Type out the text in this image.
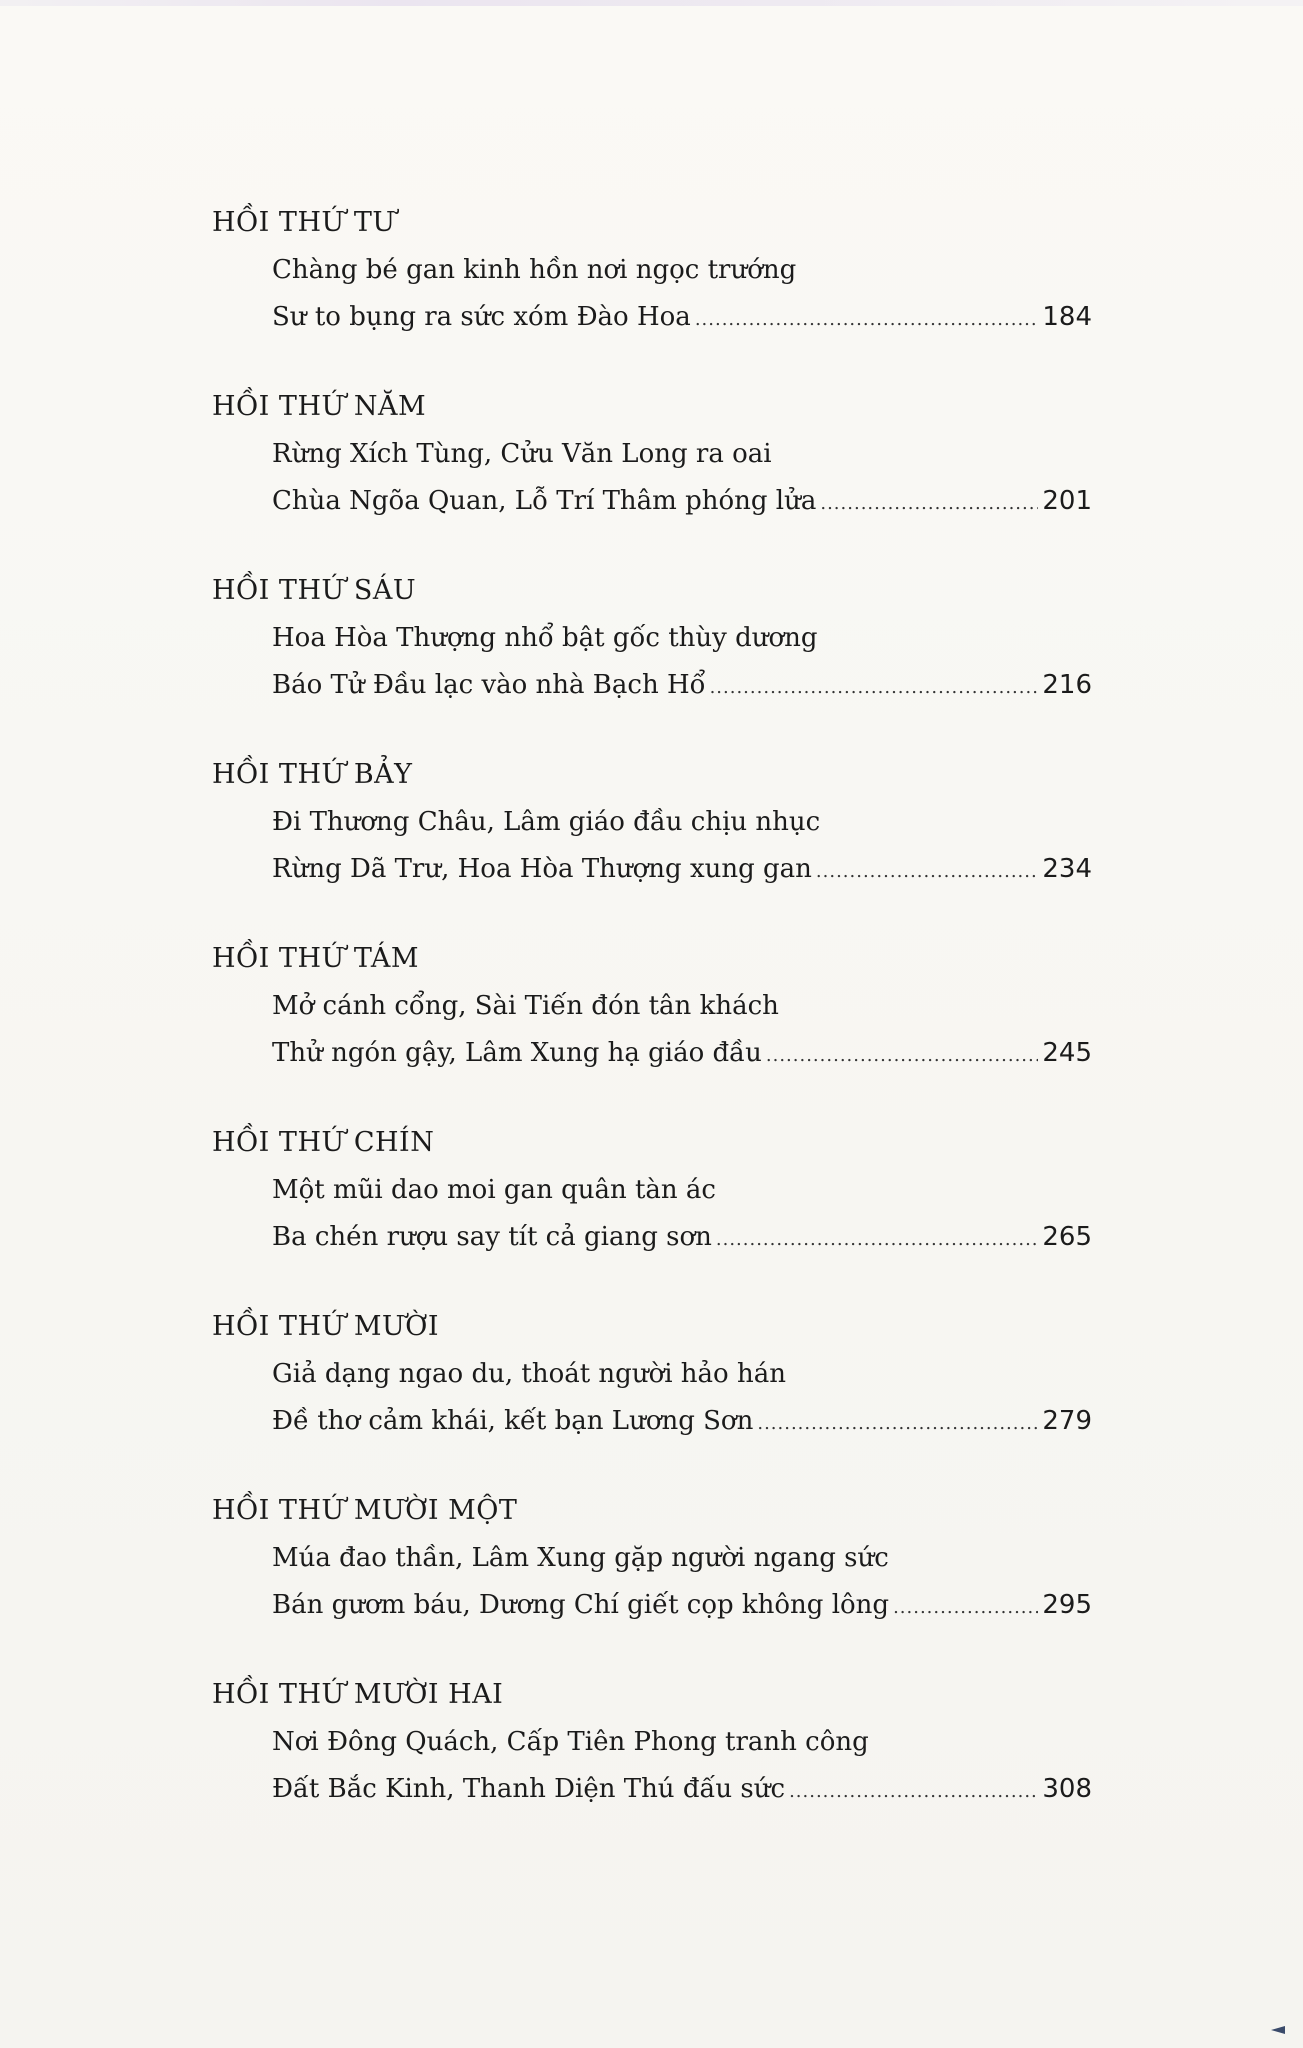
HỒI THỨ TƯ
Chàng bé gan kinh hồn nơi ngọc trướng
Sư to bụng ra sức xóm Đào Hoa .....	184
HỒI THỨ NĂM
Rừng Xích Tùng, Cửu Văn Long ra oai
Chùa Ngõa Quan, Lỗ Trí Thâm phóng lửa .....	201
HỒI THỨ SÁU
Hoa Hòa Thượng nhổ bật gốc thùy dương
Báo Tử Đầu lạc vào nhà Bạch Hổ .....	216
HỒI THỨ BẢY
Đi Thương Châu, Lâm giáo đầu chịu nhục
Rừng Dã Trư, Hoa Hòa Thượng xung gan .....	234
HỒI THỨ TÁM
Mở cánh cổng, Sài Tiến đón tân khách
Thử ngón gậy, Lâm Xung hạ giáo đầu .....	245
HỒI THỨ CHÍN
Một mũi dao moi gan quân tàn ác
Ba chén rượu say tít cả giang sơn .....	265
HỒI THỨ MƯỜI
Giả dạng ngao du, thoát người hảo hán
Đề thơ cảm khái, kết bạn Lương Sơn .....	279
HỒI THỨ MƯỜI MỘT
Múa đao thần, Lâm Xung gặp người ngang sức
Bán gươm báu, Dương Chí giết cọp không lông .....	295
HỒI THỨ MƯỜI HAI
Nơi Đông Quách, Cấp Tiên Phong tranh công
Đất Bắc Kinh, Thanh Diện Thú đấu sức .....	308
